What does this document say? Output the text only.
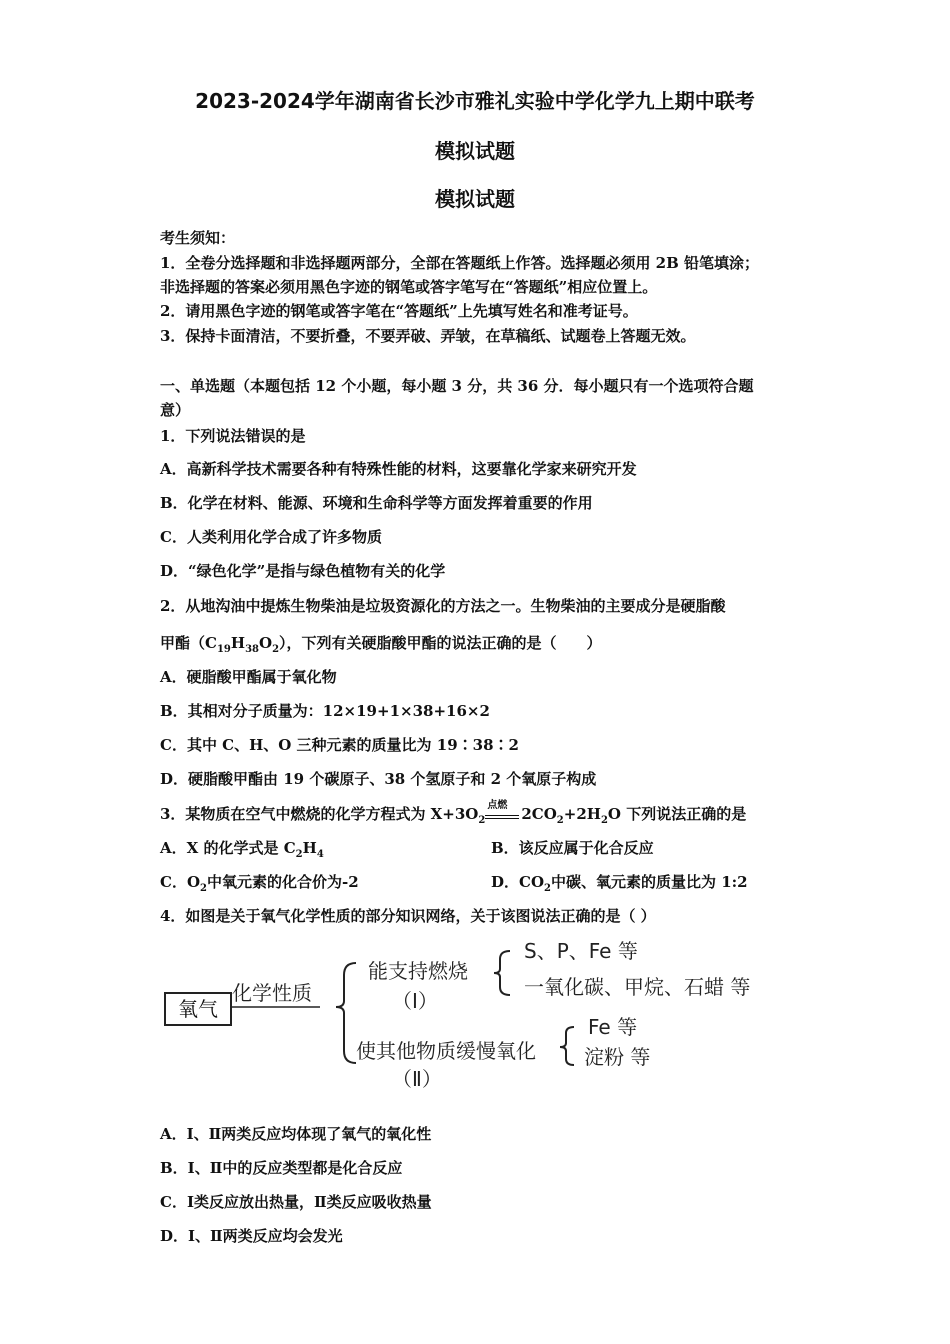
2023-2024学年湖南省长沙市雅礼实验中学化学九上期中联考
模拟试题
模拟试题
考生须知：
1．全卷分选择题和非选择题两部分，全部在答题纸上作答。选择题必须用 2B 铅笔填涂；
非选择题的答案必须用黑色字迹的钢笔或答字笔写在“答题纸”相应位置上。
2．请用黑色字迹的钢笔或答字笔在“答题纸”上先填写姓名和准考证号。
3．保持卡面清洁，不要折叠，不要弄破、弄皱，在草稿纸、试题卷上答题无效。
一、单选题（本题包括 12 个小题，每小题 3 分，共 36 分．每小题只有一个选项符合题
意）
1．下列说法错误的是
A．高新科学技术需要各种有特殊性能的材料，这要靠化学家来研究开发
B．化学在材料、能源、环境和生命科学等方面发挥着重要的作用
C．人类利用化学合成了许多物质
D．“绿色化学”是指与绿色植物有关的化学
2．从地沟油中提炼生物柴油是垃圾资源化的方法之一。生物柴油的主要成分是硬脂酸
甲酯$(C_{19}H_{38}O_2)$，下列有关硬脂酸甲酯的说法正确的是（　　）
A．硬脂酸甲酯属于氧化物
B．其相对分子质量为：12×19+1×38+16×2
C．其中 C、H、O 三种元素的质量比为 19∶38∶2
D．硬脂酸甲酯由 19 个碳原子、38 个氢原子和 2 个氧原子构成
3．某物质在空气中燃烧的化学方程式为 $X+3O_2$
点燃 $2CO_2+2H_2O$ 下列说法正确的是
A．X 的化学式是 $C_2H_4$	B．该反应属于化合反应
C．$O_2$中氧元素的化合价为-2	D．$CO_2$中碳、氧元素的质量比为 1:2
4．如图是关于氧气化学性质的部分知识网络，关于该图说法正确的是（ ）
氧气
化学性质
能支持燃烧
（Ⅰ）
S、P、Fe 等
一氧化碳、甲烷、石蜡 等
使其他物质缓慢氧化
（Ⅱ）
Fe 等
淀粉 等
A．Ⅰ、Ⅱ两类反应均体现了氧气的氧化性
B．Ⅰ、Ⅱ中的反应类型都是化合反应
C．Ⅰ类反应放出热量，Ⅱ类反应吸收热量
D．Ⅰ、Ⅱ两类反应均会发光
